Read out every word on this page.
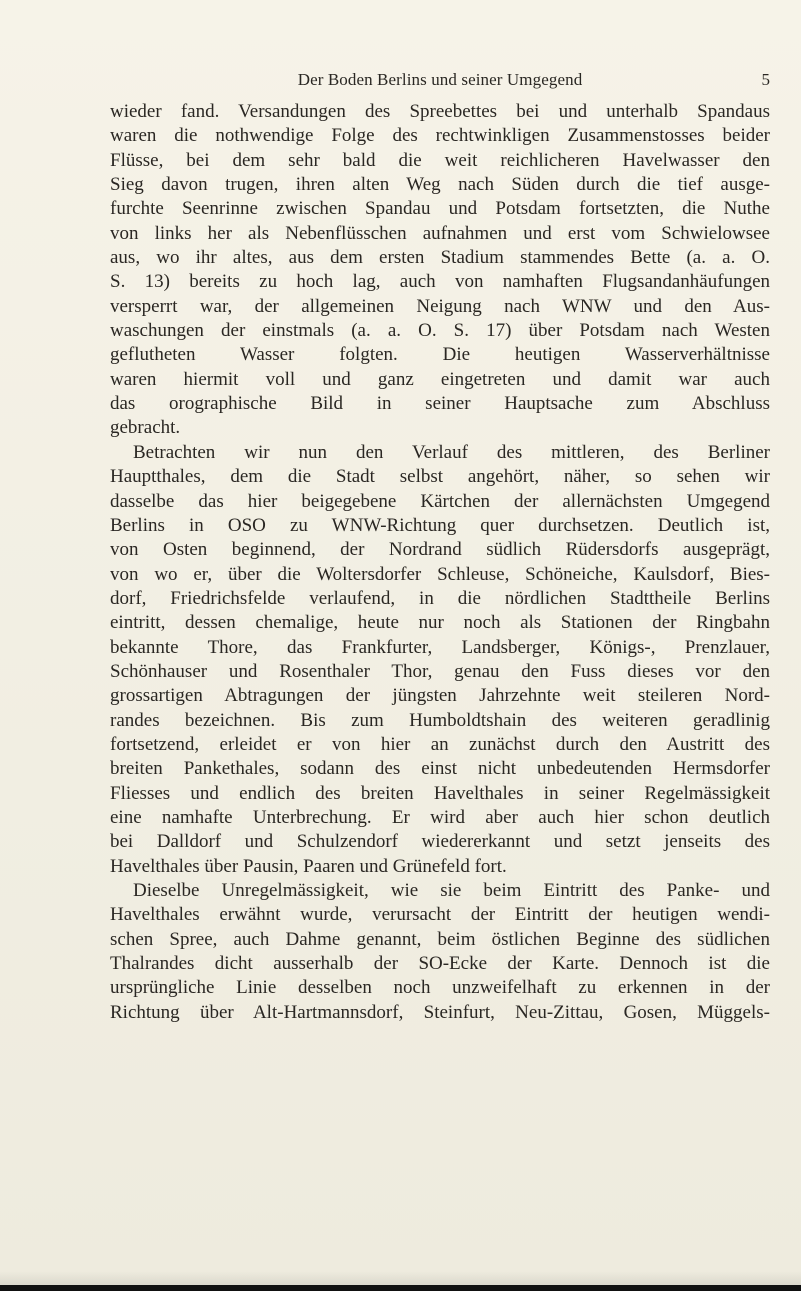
Der Boden Berlins und seiner Umgegend	5
wieder fand. Versandungen des Spreebettes bei und unterhalb Spandaus
waren die nothwendige Folge des rechtwinkligen Zusammenstosses beider
Flüsse, bei dem sehr bald die weit reichlicheren Havelwasser den
Sieg davon trugen, ihren alten Weg nach Süden durch die tief ausge-
furchte Seenrinne zwischen Spandau und Potsdam fortsetzten, die Nuthe
von links her als Nebenflüsschen aufnahmen und erst vom Schwielowsee
aus, wo ihr altes, aus dem ersten Stadium stammendes Bette (a. a. O.
S. 13) bereits zu hoch lag, auch von namhaften Flugsandanhäufungen
versperrt war, der allgemeinen Neigung nach WNW und den Aus-
waschungen der einstmals (a. a. O. S. 17) über Potsdam nach Westen
geflutheten Wasser folgten. Die heutigen Wasserverhältnisse
waren hiermit voll und ganz eingetreten und damit war auch
das orographische Bild in seiner Hauptsache zum Abschluss
gebracht.
Betrachten wir nun den Verlauf des mittleren, des Berliner
Hauptthales, dem die Stadt selbst angehört, näher, so sehen wir
dasselbe das hier beigegebene Kärtchen der allernächsten Umgegend
Berlins in OSO zu WNW-Richtung quer durchsetzen. Deutlich ist,
von Osten beginnend, der Nordrand südlich Rüdersdorfs ausgeprägt,
von wo er, über die Woltersdorfer Schleuse, Schöneiche, Kaulsdorf, Bies-
dorf, Friedrichsfelde verlaufend, in die nördlichen Stadttheile Berlins
eintritt, dessen chemalige, heute nur noch als Stationen der Ringbahn
bekannte Thore, das Frankfurter, Landsberger, Königs-, Prenzlauer,
Schönhauser und Rosenthaler Thor, genau den Fuss dieses vor den
grossartigen Abtragungen der jüngsten Jahrzehnte weit steileren Nord-
randes bezeichnen. Bis zum Humboldtshain des weiteren geradlinig
fortsetzend, erleidet er von hier an zunächst durch den Austritt des
breiten Pankethales, sodann des einst nicht unbedeutenden Hermsdorfer
Fliesses und endlich des breiten Havelthales in seiner Regelmässigkeit
eine namhafte Unterbrechung. Er wird aber auch hier schon deutlich
bei Dalldorf und Schulzendorf wiedererkannt und setzt jenseits des
Havelthales über Pausin, Paaren und Grünefeld fort.
Dieselbe Unregelmässigkeit, wie sie beim Eintritt des Panke- und
Havelthales erwähnt wurde, verursacht der Eintritt der heutigen wendi-
schen Spree, auch Dahme genannt, beim östlichen Beginne des südlichen
Thalrandes dicht ausserhalb der SO-Ecke der Karte. Dennoch ist die
ursprüngliche Linie desselben noch unzweifelhaft zu erkennen in der
Richtung über Alt-Hartmannsdorf, Steinfurt, Neu-Zittau, Gosen, Müggels-
